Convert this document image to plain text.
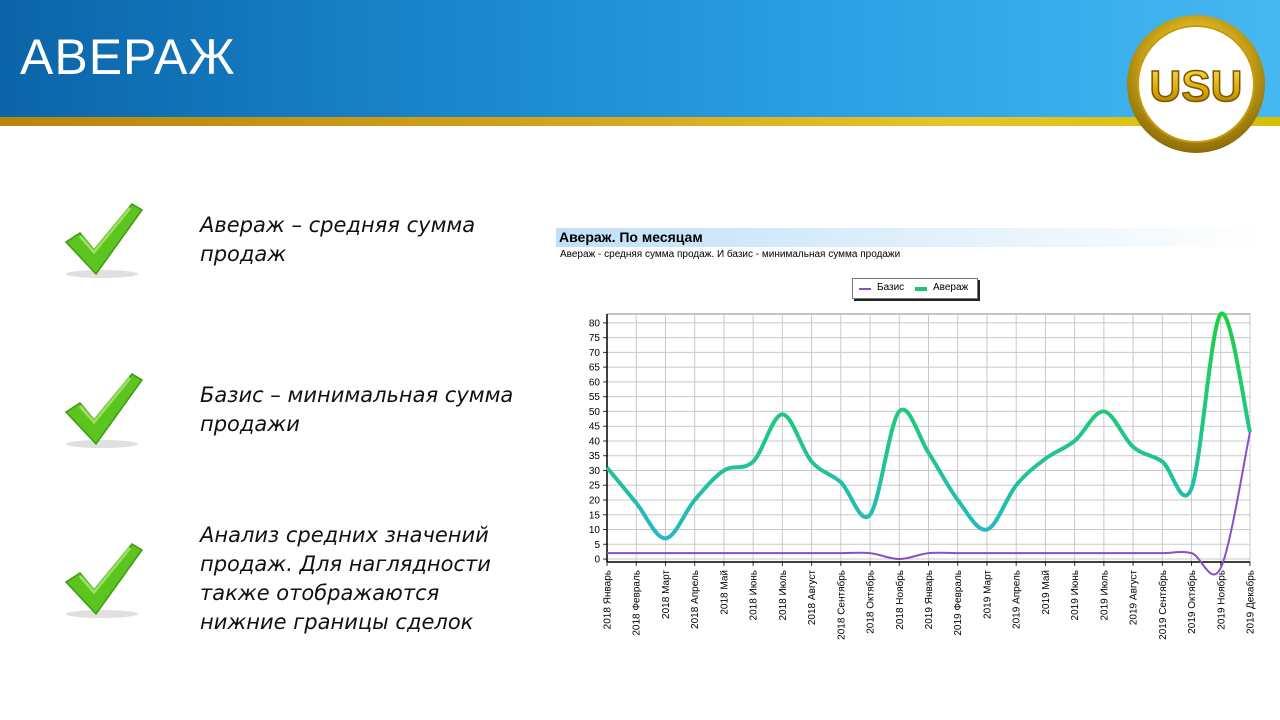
АВЕРАЖ
USU
Авераж – средняя сумма продаж
Базис – минимальная сумма продажи
Анализ средних значений продаж. Для наглядности также отображаются нижние границы сделок
Авераж. По месяцам
Авераж - средняя сумма продаж. И базис - минимальная сумма продажи
Базис	Авераж
0
5
10
15
20
25
30
35
40
45
50
55
60
65
70
75
80
2018 Январь 2018 Февраль 2018 Март 2018 Апрель 2018 Май 2018 Июнь 2018 Июль 2018 Август 2018 Сентябрь 2018 Октябрь 2018 Ноябрь 2019 Январь 2019 Февраль 2019 Март 2019 Апрель 2019 Май 2019 Июнь 2019 Июль 2019 Август 2019 Сентябрь 2019 Октябрь 2019 Ноябрь 2019 Декабрь
